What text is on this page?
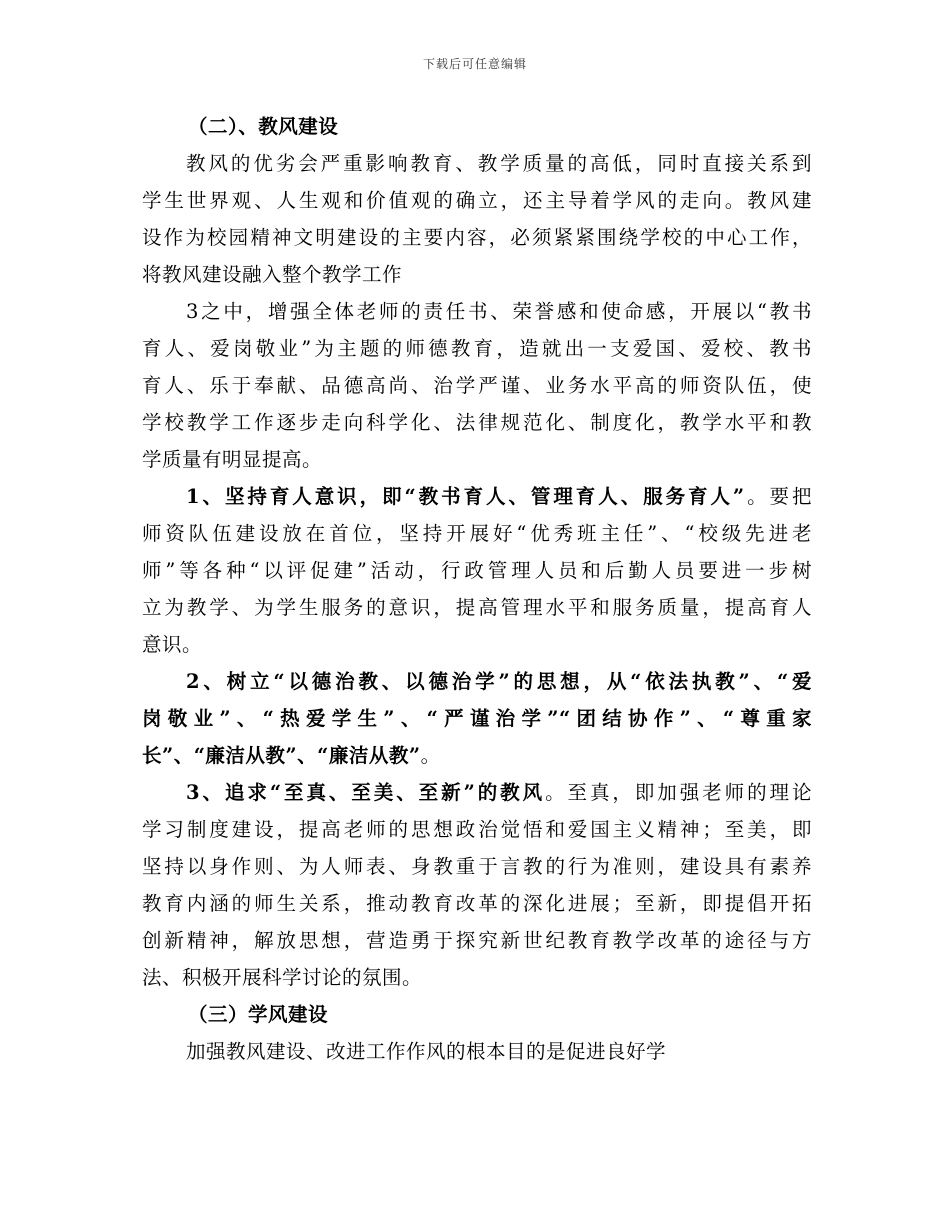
下载后可任意编辑
（二）、教风建设
教风的优劣会严重影响教育、教学质量的高低，同时直接关系到
学生世界观、人生观和价值观的确立，还主导着学风的走向。教风建
设作为校园精神文明建设的主要内容，必须紧紧围绕学校的中心工作，
将教风建设融入整个教学工作
3之中，增强全体老师的责任书、荣誉感和使命感，开展以“教书
育人、爱岗敬业”为主题的师德教育，造就出一支爱国、爱校、教书
育人、乐于奉献、品德高尚、治学严谨、业务水平高的师资队伍，使
学校教学工作逐步走向科学化、法律规范化、制度化，教学水平和教
学质量有明显提高。
1、坚持育人意识，即“教书育人、管理育人、服务育人”。要把
师资队伍建设放在首位，坚持开展好“优秀班主任”、“校级先进老
师”等各种“以评促建”活动，行政管理人员和后勤人员要进一步树
立为教学、为学生服务的意识，提高管理水平和服务质量，提高育人
意识。
2、树立“以德治教、以德治学”的思想，从“依法执教”、“爱
岗敬业”、“热爱学生”、“严谨治学”“团结协作”、“尊重家
长”、“廉洁从教”、“廉洁从教”。
3、追求“至真、至美、至新”的教风。至真，即加强老师的理论
学习制度建设，提高老师的思想政治觉悟和爱国主义精神；至美，即
坚持以身作则、为人师表、身教重于言教的行为准则，建设具有素养
教育内涵的师生关系，推动教育改革的深化进展；至新，即提倡开拓
创新精神，解放思想，营造勇于探究新世纪教育教学改革的途径与方
法、积极开展科学讨论的氛围。
（三）学风建设
加强教风建设、改进工作作风的根本目的是促进良好学
